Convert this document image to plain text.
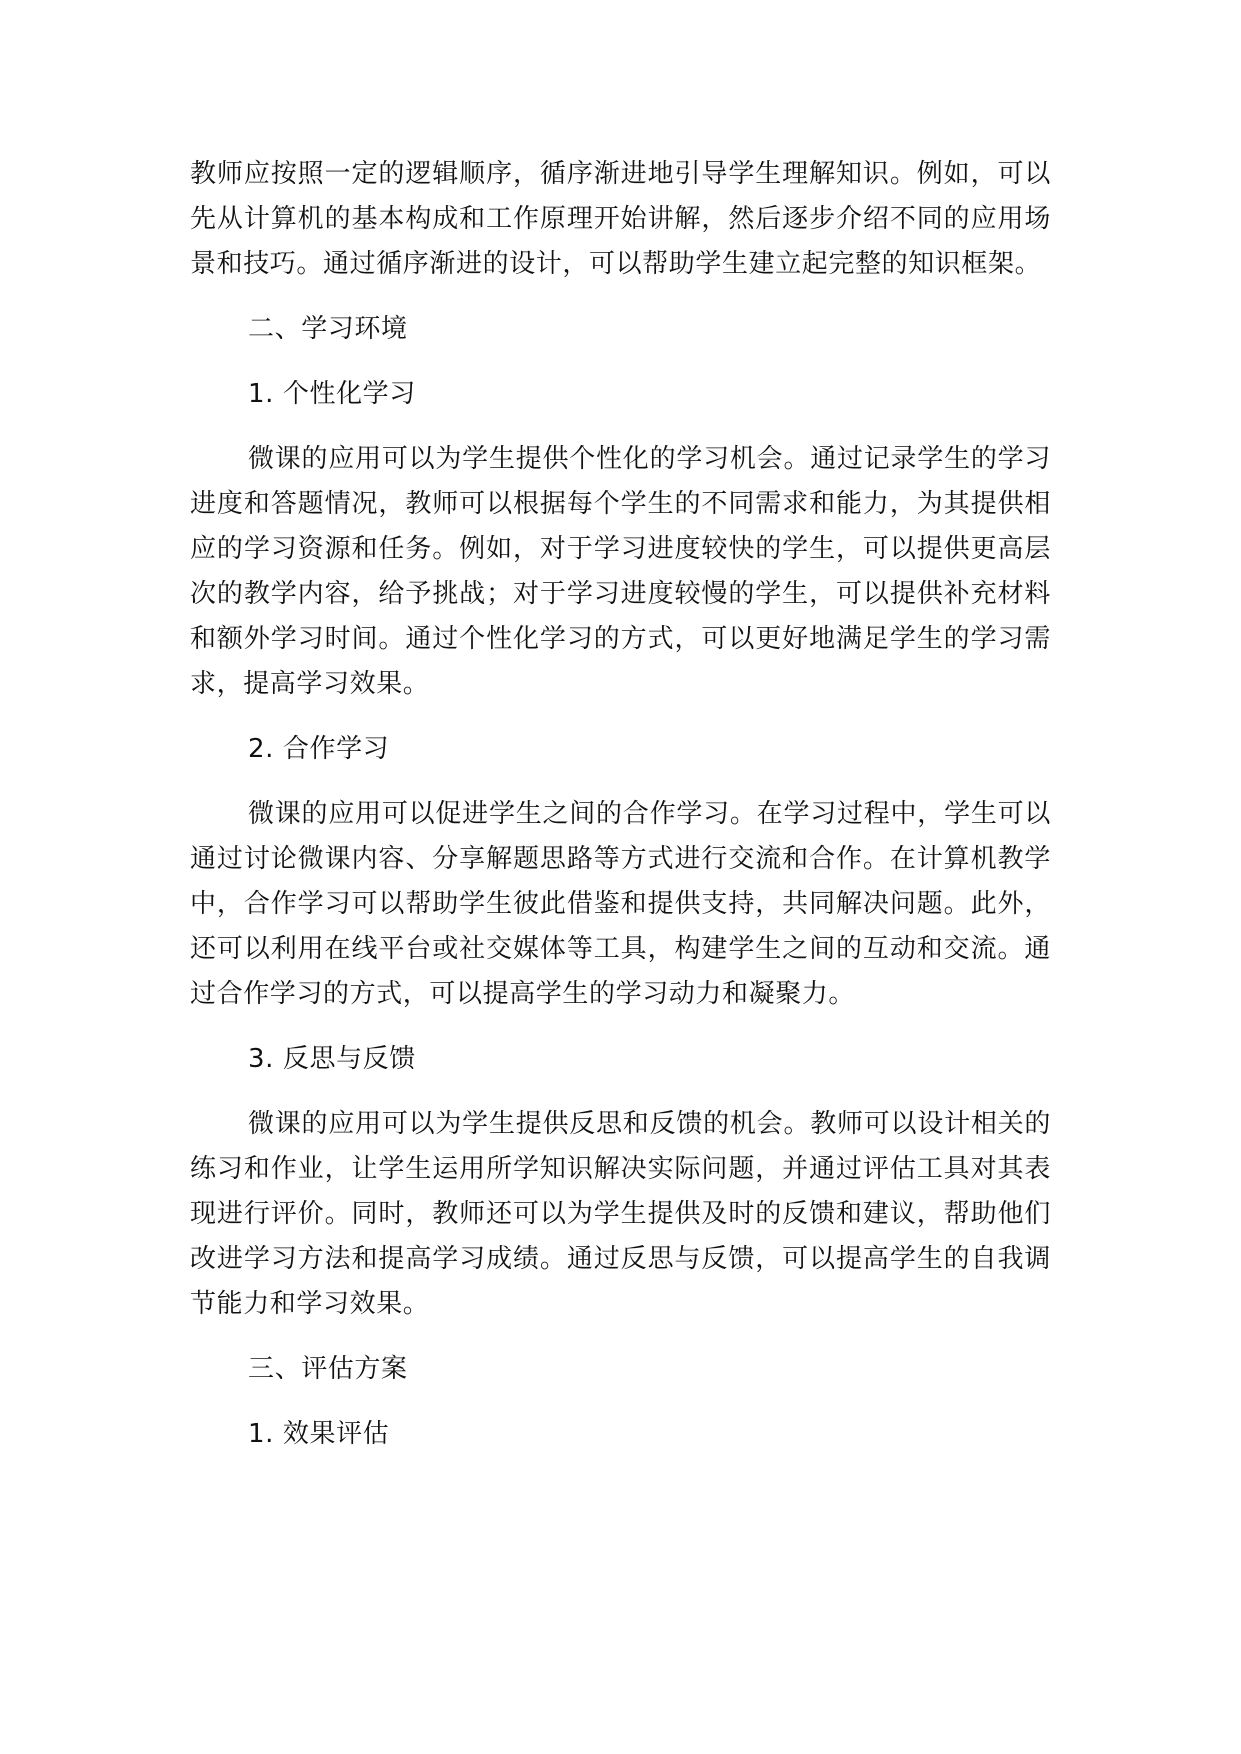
教师应按照一定的逻辑顺序，循序渐进地引导学生理解知识。例如，可以先从计算机的基本构成和工作原理开始讲解，然后逐步介绍不同的应用场景和技巧。通过循序渐进的设计，可以帮助学生建立起完整的知识框架。

二、学习环境
1. 个性化学习

微课的应用可以为学生提供个性化的学习机会。通过记录学生的学习进度和答题情况，教师可以根据每个学生的不同需求和能力，为其提供相应的学习资源和任务。例如，对于学习进度较快的学生，可以提供更高层次的教学内容，给予挑战；对于学习进度较慢的学生，可以提供补充材料和额外学习时间。通过个性化学习的方式，可以更好地满足学生的学习需求，提高学习效果。

2. 合作学习

微课的应用可以促进学生之间的合作学习。在学习过程中，学生可以通过讨论微课内容、分享解题思路等方式进行交流和合作。在计算机教学中，合作学习可以帮助学生彼此借鉴和提供支持，共同解决问题。此外，还可以利用在线平台或社交媒体等工具，构建学生之间的互动和交流。通过合作学习的方式，可以提高学生的学习动力和凝聚力。

3. 反思与反馈

微课的应用可以为学生提供反思和反馈的机会。教师可以设计相关的练习和作业，让学生运用所学知识解决实际问题，并通过评估工具对其表现进行评价。同时，教师还可以为学生提供及时的反馈和建议，帮助他们改进学习方法和提高学习成绩。通过反思与反馈，可以提高学生的自我调节能力和学习效果。

三、评估方案
1. 效果评估
